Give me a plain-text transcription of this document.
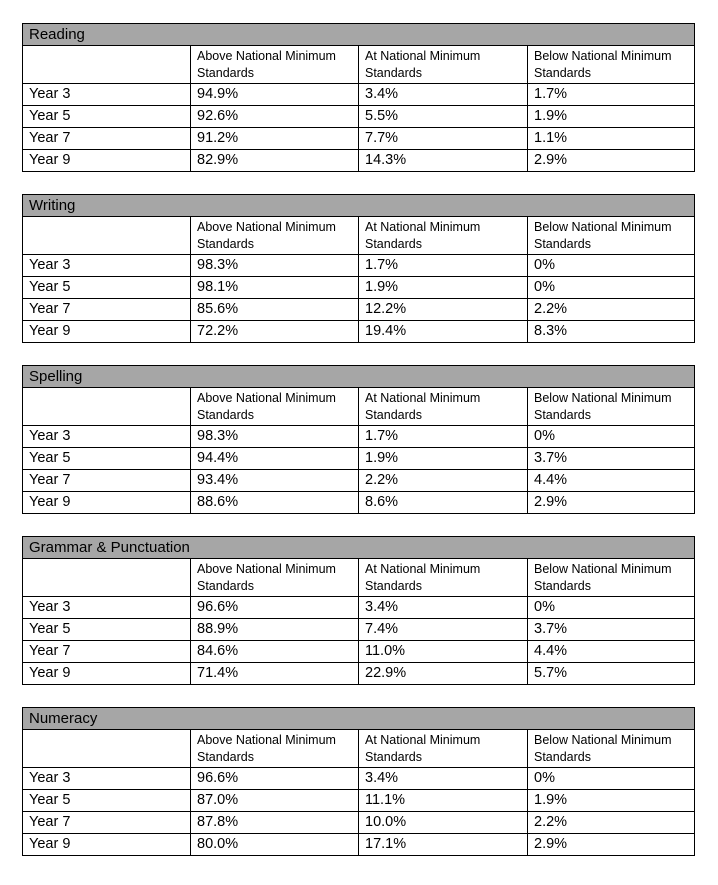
Reading			
	Above National Minimum Standards	At National Minimum Standards	Below National Minimum Standards
Year 3	94.9%	3.4%	1.7%
Year 5	92.6%	5.5%	1.9%
Year 7	91.2%	7.7%	1.1%
Year 9	82.9%	14.3%	2.9%
Writing			
	Above National Minimum Standards	At National Minimum Standards	Below National Minimum Standards
Year 3	98.3%	1.7%	0%
Year 5	98.1%	1.9%	0%
Year 7	85.6%	12.2%	2.2%
Year 9	72.2%	19.4%	8.3%
Spelling			
	Above National Minimum Standards	At National Minimum Standards	Below National Minimum Standards
Year 3	98.3%	1.7%	0%
Year 5	94.4%	1.9%	3.7%
Year 7	93.4%	2.2%	4.4%
Year 9	88.6%	8.6%	2.9%
Grammar & Punctuation			
	Above National Minimum Standards	At National Minimum Standards	Below National Minimum Standards
Year 3	96.6%	3.4%	0%
Year 5	88.9%	7.4%	3.7%
Year 7	84.6%	11.0%	4.4%
Year 9	71.4%	22.9%	5.7%
Numeracy			
	Above National Minimum Standards	At National Minimum Standards	Below National Minimum Standards
Year 3	96.6%	3.4%	0%
Year 5	87.0%	11.1%	1.9%
Year 7	87.8%	10.0%	2.2%
Year 9	80.0%	17.1%	2.9%
